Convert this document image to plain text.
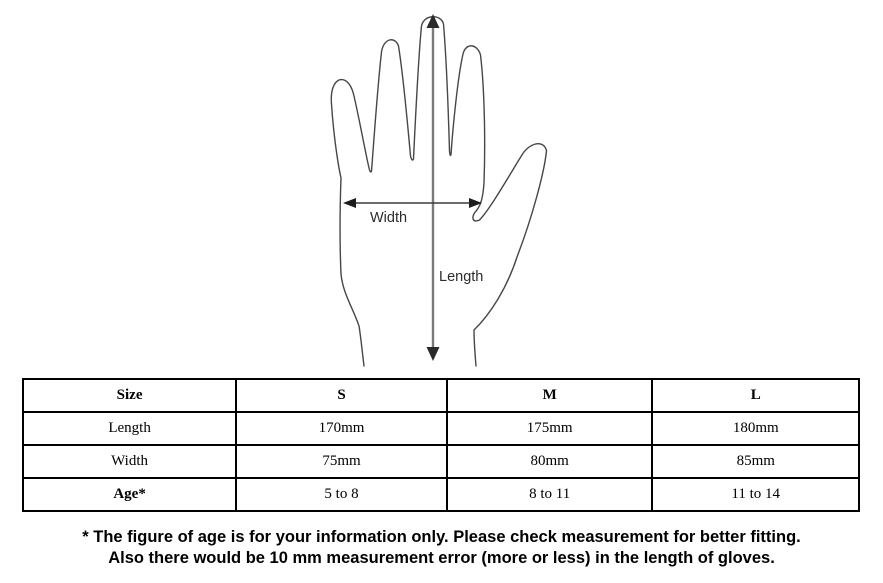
Width
Length
Size	S	M	L
Length	170mm	175mm	180mm
Width	75mm	80mm	85mm
Age*	5 to 8	8 to 11	11 to 14
* The figure of age is for your information only. Please check measurement for better fitting.
Also there would be 10 mm measurement error (more or less) in the length of gloves.
